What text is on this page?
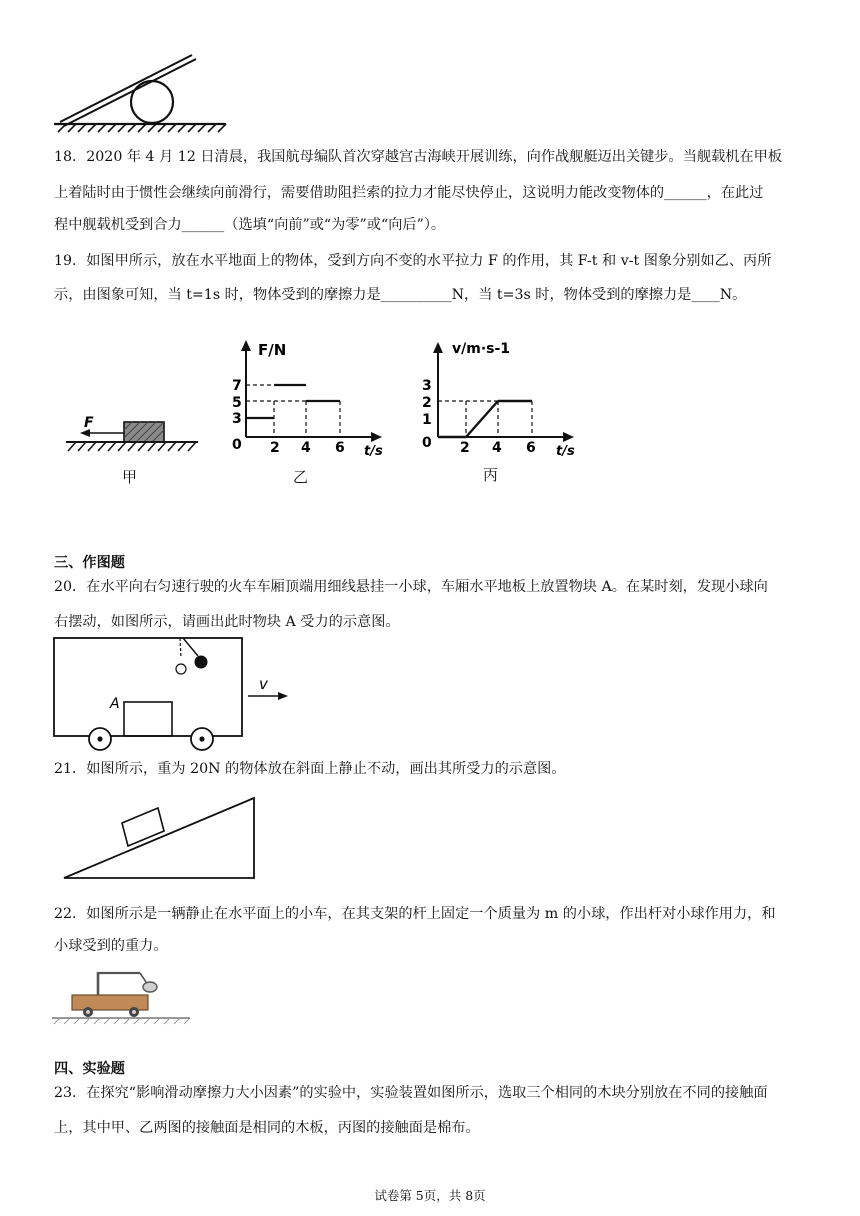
18．2020 年 4 月 12 日清晨，我国航母编队首次穿越宫古海峡开展训练，向作战舰艇迈出关键步。当舰载机在甲板
上着陆时由于惯性会继续向前滑行，需要借助阻拦索的拉力才能尽快停止，这说明力能改变物体的______，在此过
程中舰载机受到合力______（选填“向前”或“为零”或“向后”）。
19．如图甲所示，放在水平地面上的物体，受到方向不变的水平拉力 F 的作用，其 F-t 和 v-t 图象分别如乙、丙所
示，由图象可知，当 t=1s 时，物体受到的摩擦力是__________N，当 t=3s 时，物体受到的摩擦力是____N。
F
甲
F/N
t/s
7
5
3
0 2 4 6
乙
v/m·s-1
t/s
3
2
1
0 2 4 6
丙
三、作图题
20．在水平向右匀速行驶的火车车厢顶端用细线悬挂一小球，车厢水平地板上放置物块 A。在某时刻，发现小球向
右摆动，如图所示，请画出此时物块 A 受力的示意图。
A
v
21．如图所示，重为 20N 的物体放在斜面上静止不动，画出其所受力的示意图。
22．如图所示是一辆静止在水平面上的小车，在其支架的杆上固定一个质量为 m 的小球，作出杆对小球作用力，和
小球受到的重力。
四、实验题
23．在探究“影响滑动摩擦力大小因素”的实验中，实验装置如图所示，选取三个相同的木块分别放在不同的接触面
上，其中甲、乙两图的接触面是相同的木板，丙图的接触面是棉布。
试卷第 5页，共 8页
